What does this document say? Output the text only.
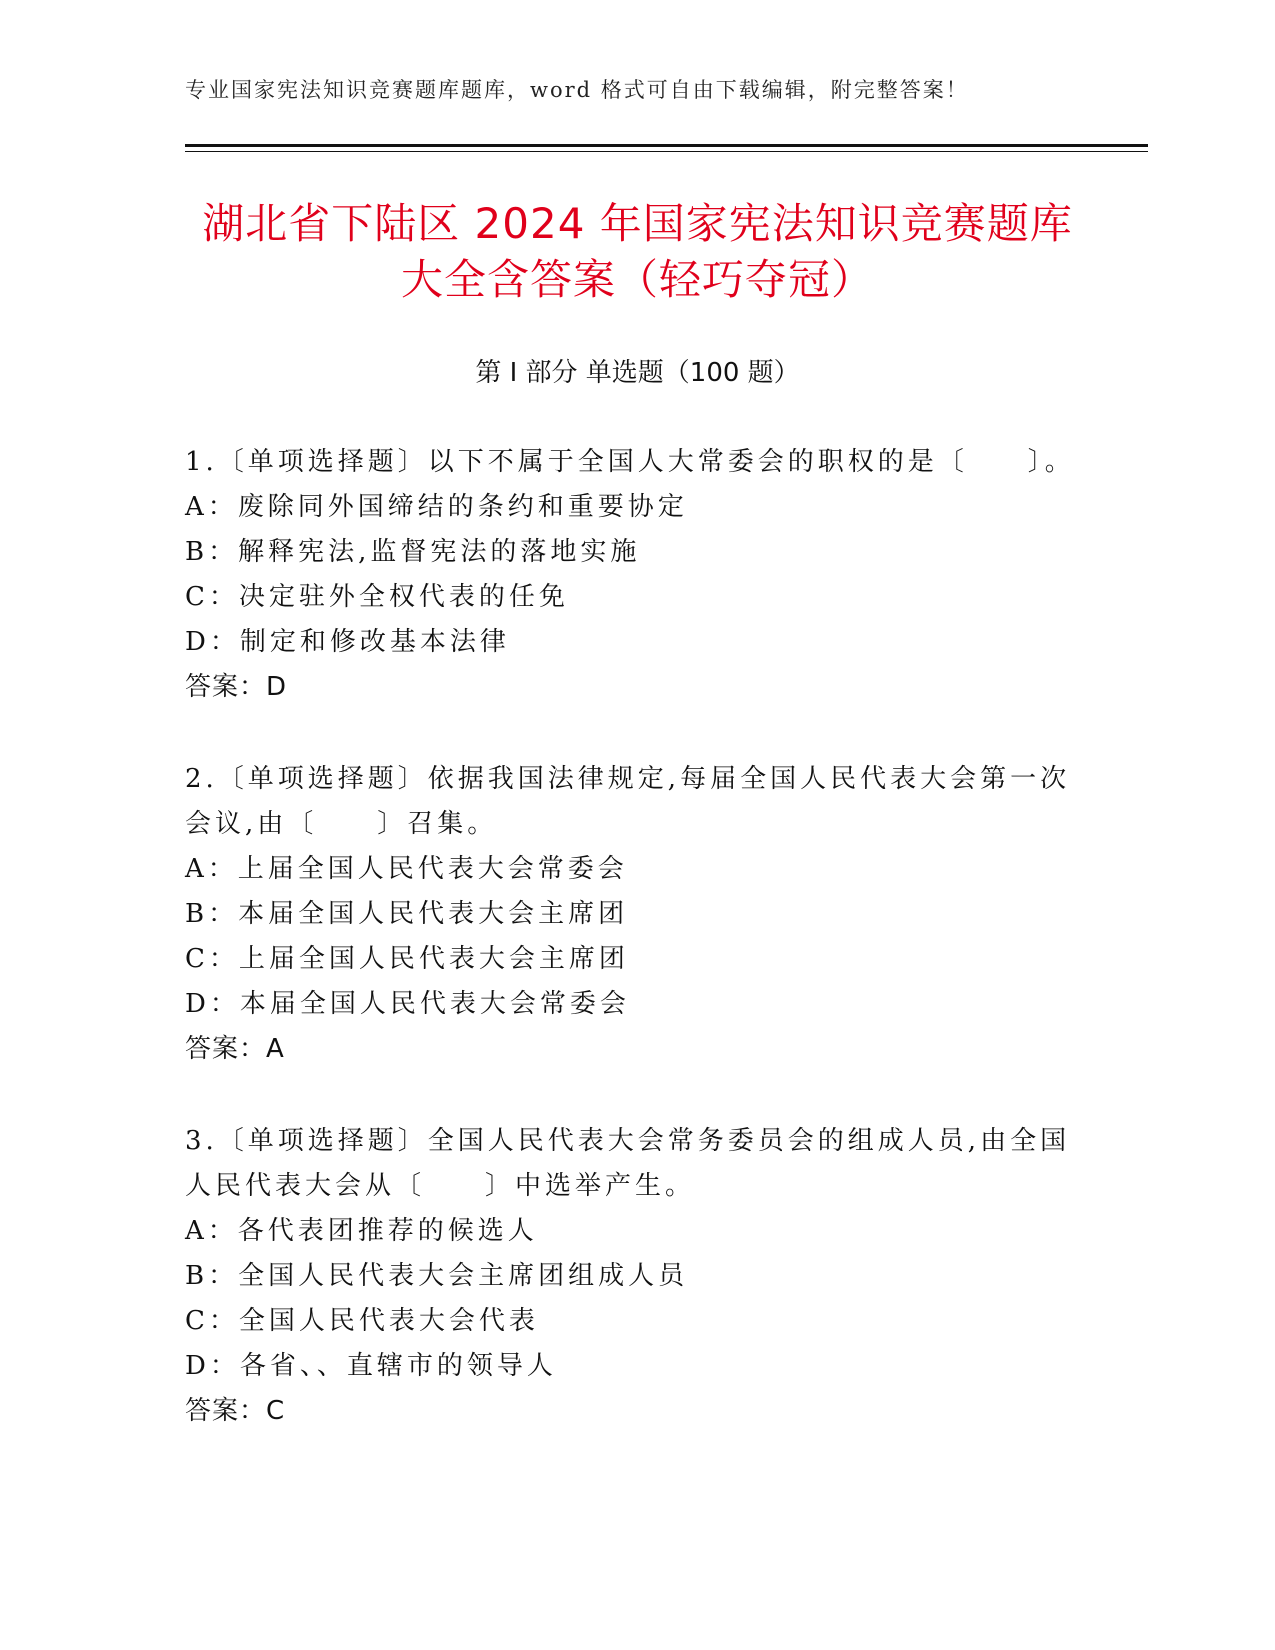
专业国家宪法知识竞赛题库题库，word 格式可自由下载编辑，附完整答案！
湖北省下陆区 2024 年国家宪法知识竞赛题库
大全含答案（轻巧夺冠）
第 I 部分 单选题（100 题）
1.〔单项选择题〕以下不属于全国人大常委会的职权的是〔　　〕。
A：废除同外国缔结的条约和重要协定
B：解释宪法,监督宪法的落地实施
C：决定驻外全权代表的任免
D：制定和修改基本法律
答案：D
2.〔单项选择题〕依据我国法律规定,每届全国人民代表大会第一次会议,由〔　　〕召集。
A：上届全国人民代表大会常委会
B：本届全国人民代表大会主席团
C：上届全国人民代表大会主席团
D：本届全国人民代表大会常委会
答案：A
3.〔单项选择题〕全国人民代表大会常务委员会的组成人员,由全国人民代表大会从〔　　〕中选举产生。
A：各代表团推荐的候选人
B：全国人民代表大会主席团组成人员
C：全国人民代表大会代表
D：各省、、直辖市的领导人
答案：C
